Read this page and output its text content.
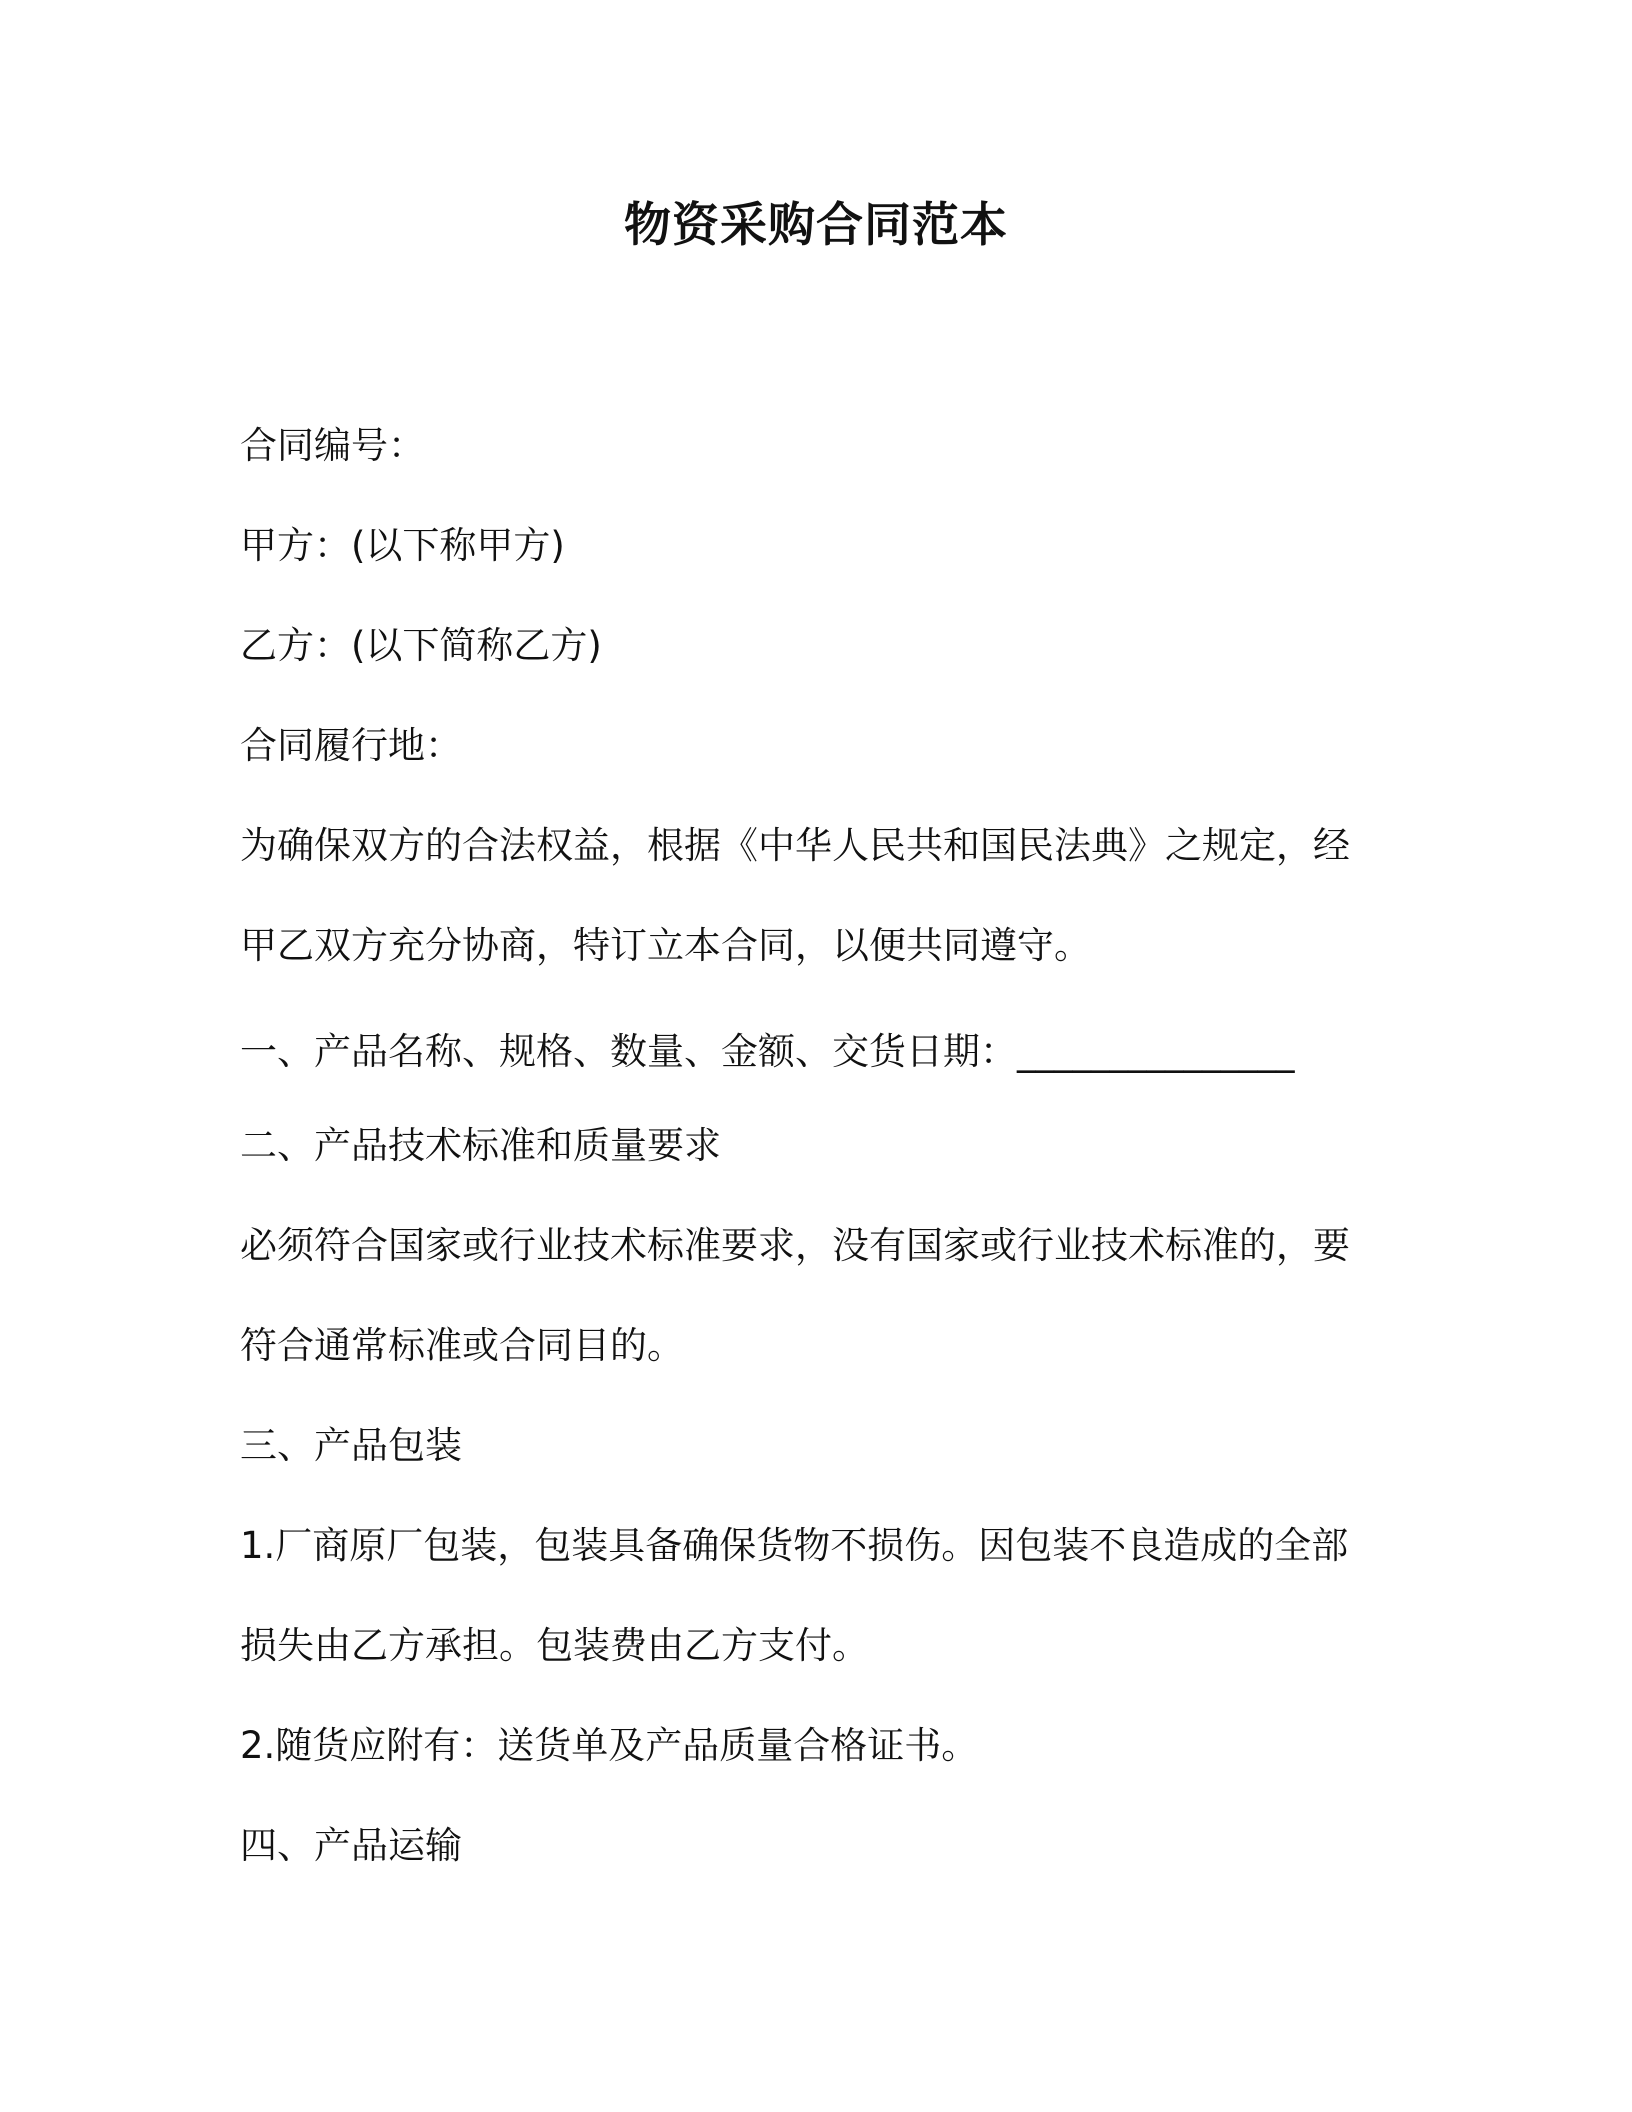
物资采购合同范本
合同编号：
甲方：(以下称甲方)
乙方：(以下简称乙方)
合同履行地：
为确保双方的合法权益，根据《中华人民共和国民法典》之规定，经
甲乙双方充分协商，特订立本合同，以便共同遵守。
一、产品名称、规格、数量、金额、交货日期：_______________
二、产品技术标准和质量要求
必须符合国家或行业技术标准要求，没有国家或行业技术标准的，要
符合通常标准或合同目的。
三、产品包装
1.厂商原厂包装，包装具备确保货物不损伤。因包装不良造成的全部
损失由乙方承担。包装费由乙方支付。
2.随货应附有：送货单及产品质量合格证书。
四、产品运输
